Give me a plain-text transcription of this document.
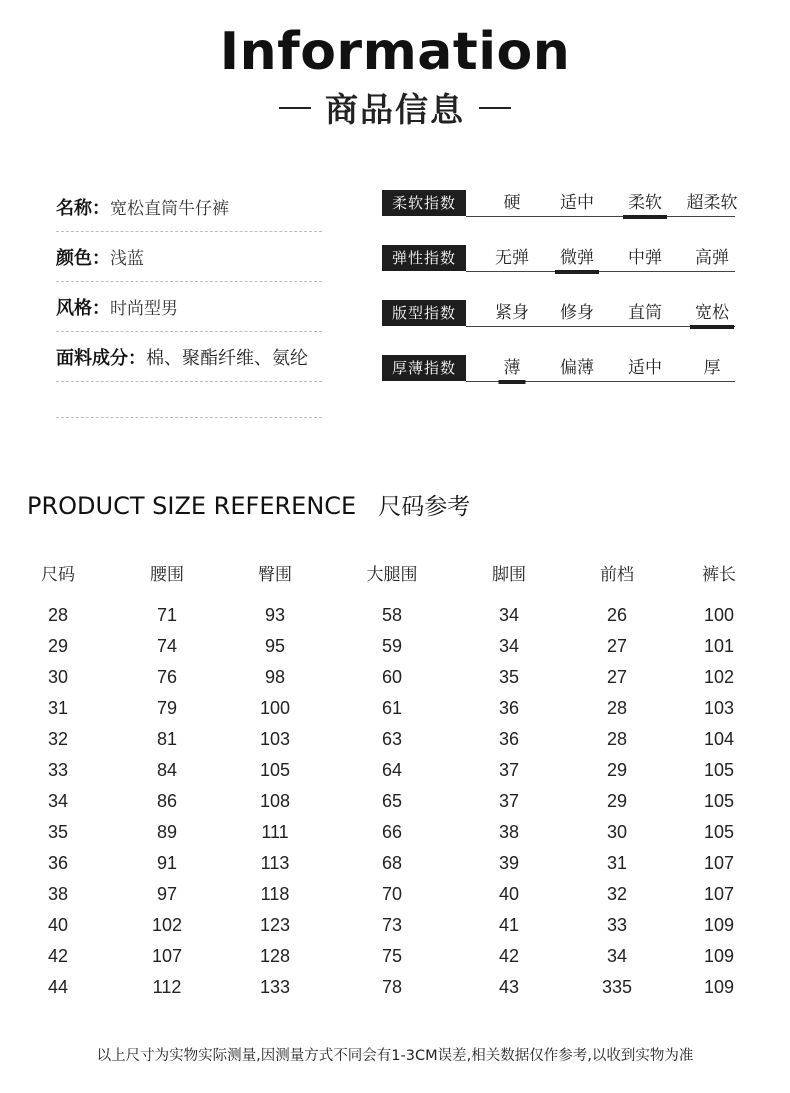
Information
商品信息
名称： 宽松直筒牛仔裤
颜色： 浅蓝
风格： 时尚型男
面料成分： 棉、聚酯纤维、氨纶
柔软指数	硬 适中 柔软 超柔软
弹性指数	无弹 微弹 中弹 高弹
版型指数	紧身 修身 直筒 宽松
厚薄指数	薄 偏薄 适中 厚
PRODUCT SIZE REFERENCE 尺码参考
尺码	腰围	臀围	大腿围	脚围	前档	裤长
28	71	93	58	34	26	100
29	74	95	59	34	27	101
30	76	98	60	35	27	102
31	79	100	61	36	28	103
32	81	103	63	36	28	104
33	84	105	64	37	29	105
34	86	108	65	37	29	105
35	89	111	66	38	30	105
36	91	113	68	39	31	107
38	97	118	70	40	32	107
40	102	123	73	41	33	109
42	107	128	75	42	34	109
44	112	133	78	43	335	109
以上尺寸为实物实际测量,因测量方式不同会有1-3CM误差,相关数据仅作参考,以收到实物为准
